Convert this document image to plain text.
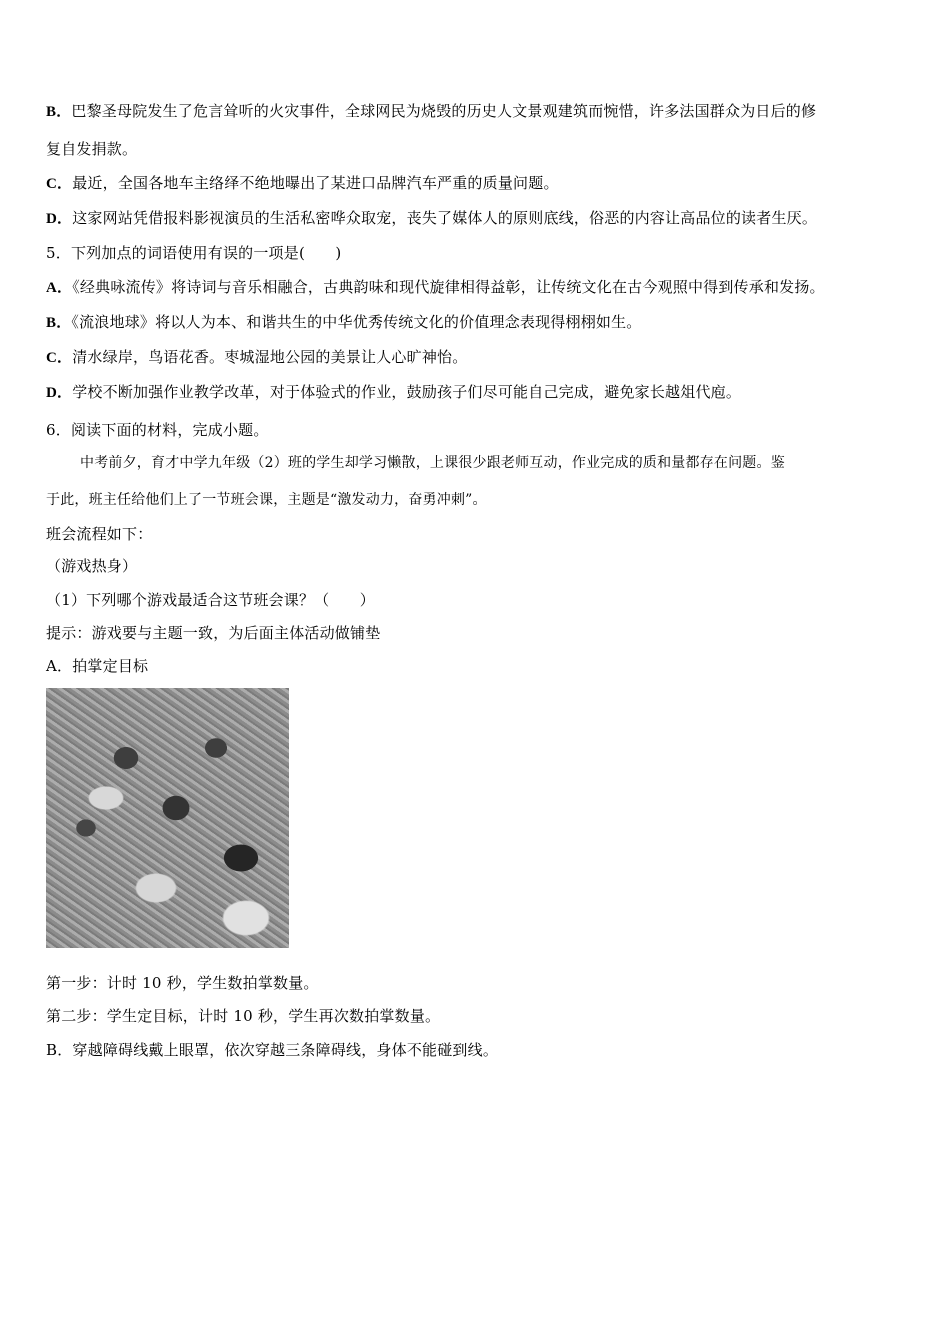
B．巴黎圣母院发生了危言耸听的火灾事件，全球网民为烧毁的历史人文景观建筑而惋惜，许多法国群众为日后的修
复自发捐款。
C．最近，全国各地车主络绎不绝地曝出了某进口品牌汽车严重的质量问题。
D．这家网站凭借报料影视演员的生活私密哗众取宠，丧失了媒体人的原则底线，俗恶的内容让高品位的读者生厌。
5．下列加点的词语使用有误的一项是(　　)
A．《经典咏流传》将诗词与音乐相融合，古典韵味和现代旋律相得益彰，让传统文化在古今观照中得到传承和发扬。
B．《流浪地球》将以人为本、和谐共生的中华优秀传统文化的价值理念表现得栩栩如生。
C．清水绿岸，鸟语花香。枣城湿地公园的美景让人心旷神怡。
D．学校不断加强作业教学改革，对于体验式的作业，鼓励孩子们尽可能自己完成，避免家长越俎代庖。
6．阅读下面的材料，完成小题。
中考前夕，育才中学九年级（2）班的学生却学习懒散，上课很少跟老师互动，作业完成的质和量都存在问题。鉴
于此，班主任给他们上了一节班会课，主题是“激发动力，奋勇冲刺”。
班会流程如下：
（游戏热身）
（1）下列哪个游戏最适合这节班会课？（　　）
提示：游戏要与主题一致，为后面主体活动做铺垫
A．拍掌定目标
第一步：计时 10 秒，学生数拍掌数量。
第二步：学生定目标，计时 10 秒，学生再次数拍掌数量。
B．穿越障碍线戴上眼罩，依次穿越三条障碍线，身体不能碰到线。
